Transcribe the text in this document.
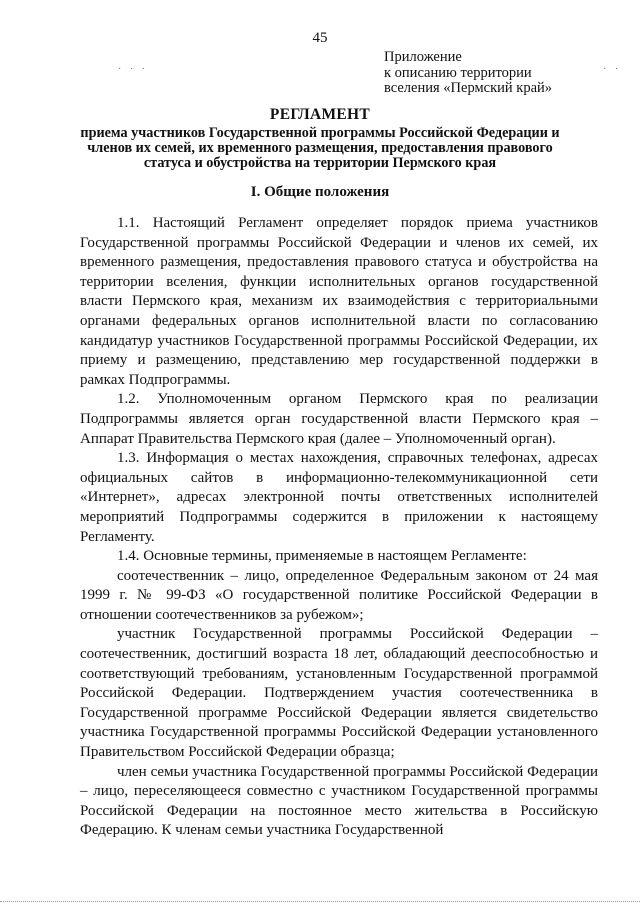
45
· · ·	· ·
Приложение
к описанию территории
вселения «Пермский край»
РЕГЛАМЕНТ
приема участников Государственной программы Российской Федерации и членов их семей, их временного размещения, предоставления правового статуса и обустройства на территории Пермского края
I. Общие положения

1.1. Настоящий Регламент определяет порядок приема участников Государственной программы Российской Федерации и членов их семей, их временного размещения, предоставления правового статуса и обустройства на территории вселения, функции исполнительных органов государственной власти Пермского края, механизм их взаимодействия с территориальными органами федеральных органов исполнительной власти по согласованию кандидатур участников Государственной программы Российской Федерации, их приему и размещению, представлению мер государственной поддержки в рамках Подпрограммы.

1.2. Уполномоченным органом Пермского края по реализации Подпрограммы является орган государственной власти Пермского края – Аппарат Правительства Пермского края (далее – Уполномоченный орган).

1.3. Информация о местах нахождения, справочных телефонах, адресах официальных сайтов в информационно-телекоммуникационной сети «Интернет», адресах электронной почты ответственных исполнителей мероприятий Подпрограммы содержится в приложении к настоящему Регламенту.

1.4. Основные термины, применяемые в настоящем Регламенте:

соотечественник – лицо, определенное Федеральным законом от 24 мая 1999 г. № 99-ФЗ «О государственной политике Российской Федерации в отношении соотечественников за рубежом»;

участник Государственной программы Российской Федерации – соотечественник, достигший возраста 18 лет, обладающий дееспособностью и соответствующий требованиям, установленным Государственной программой Российской Федерации. Подтверждением участия соотечественника в Государственной программе Российской Федерации является свидетельство участника Государственной программы Российской Федерации установленного Правительством Российской Федерации образца;

член семьи участника Государственной программы Российской Федерации – лицо, переселяющееся совместно с участником Государственной программы Российской Федерации на постоянное место жительства в Российскую Федерацию. К членам семьи участника Государственной
